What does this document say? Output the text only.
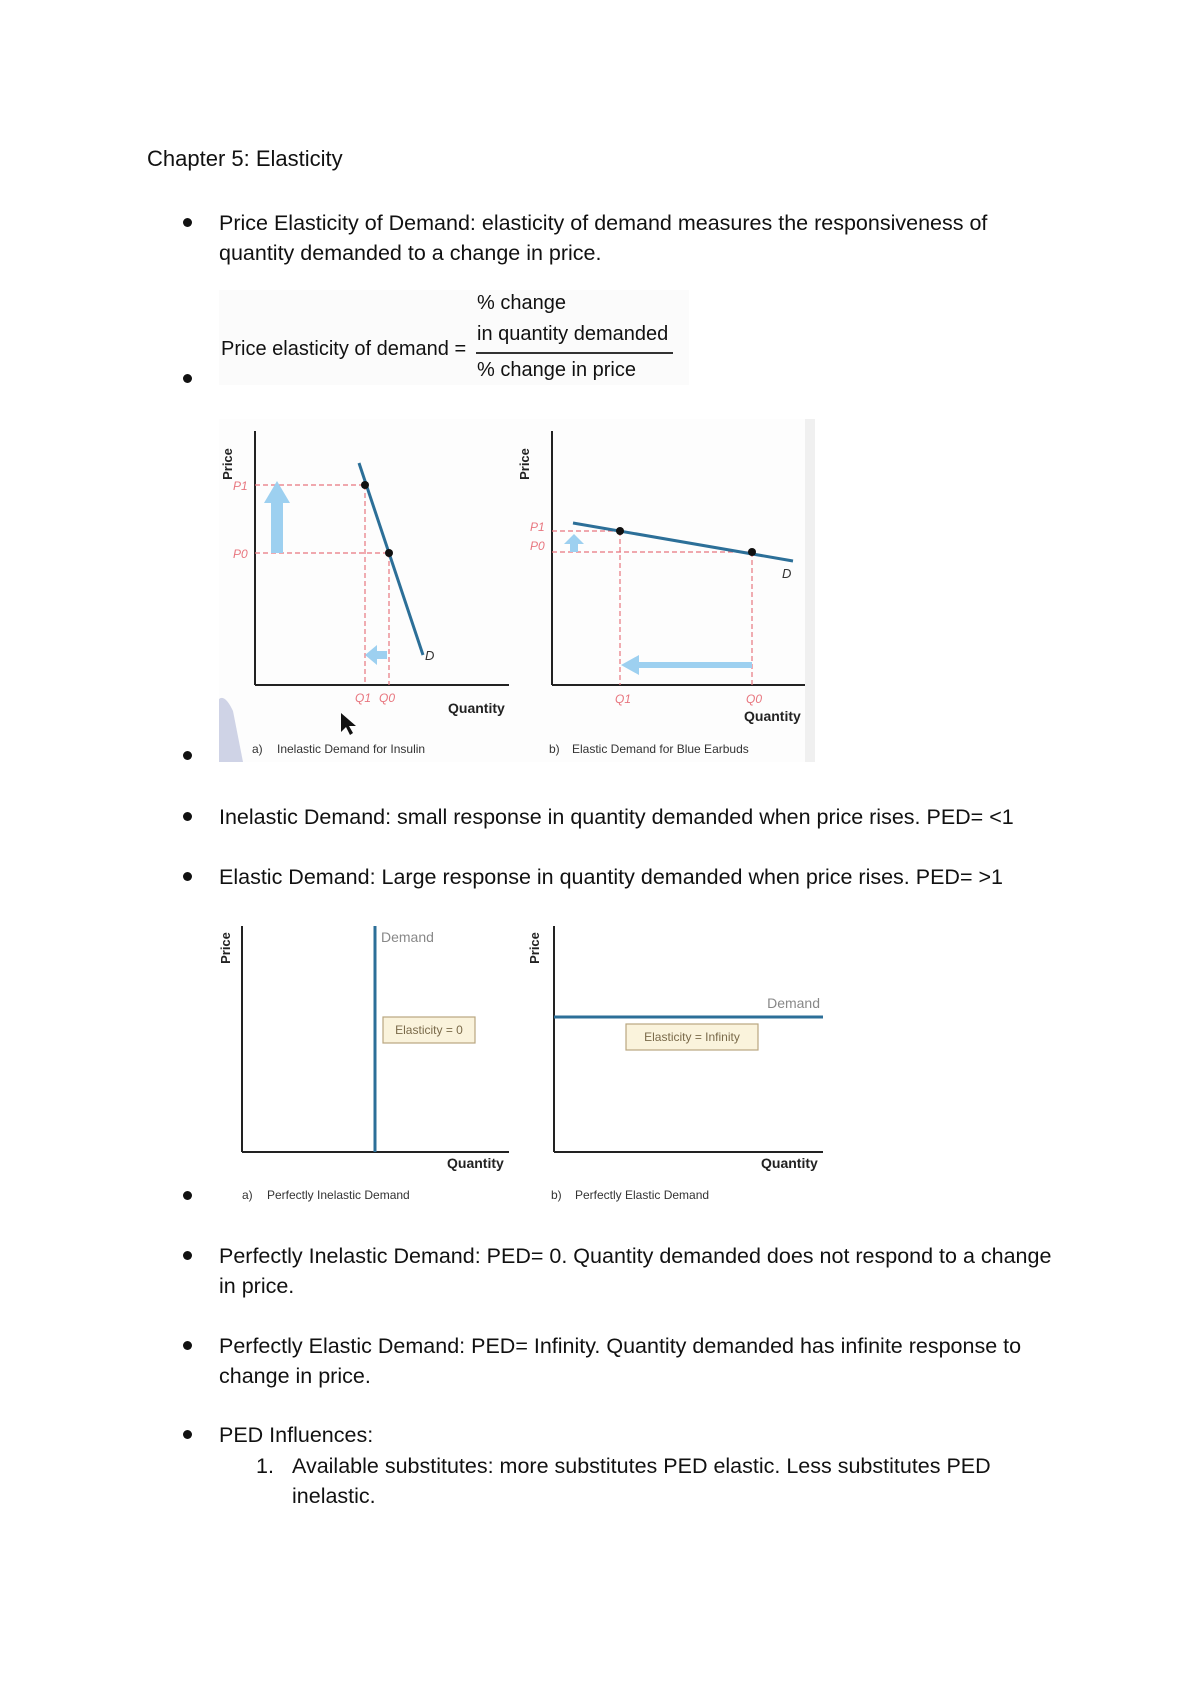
Chapter 5: Elasticity
Price Elasticity of Demand: elasticity of demand measures the responsiveness of quantity demanded to a change in price.
Price elasticity of demand =
% change
in quantity demanded
% change in price
Price
Quantity
P1
P0
Q1 Q0
D
a) Inelastic Demand for Insulin
Price
Quantity
P1
P0
Q1	Q0
D
b) Elastic Demand for Blue Earbuds
Inelastic Demand: small response in quantity demanded when price rises. PED= <1
Elastic Demand: Large response in quantity demanded when price rises. PED= >1
Price
Quantity
Demand
Elasticity = 0
a) Perfectly Inelastic Demand
Price
Quantity
Demand
Elasticity = Infinity
b) Perfectly Elastic Demand
Perfectly Inelastic Demand: PED= 0. Quantity demanded does not respond to a change in price.
Perfectly Elastic Demand: PED= Infinity. Quantity demanded has infinite response to change in price.
PED Influences:
1. Available substitutes: more substitutes PED elastic. Less substitutes PED inelastic.
